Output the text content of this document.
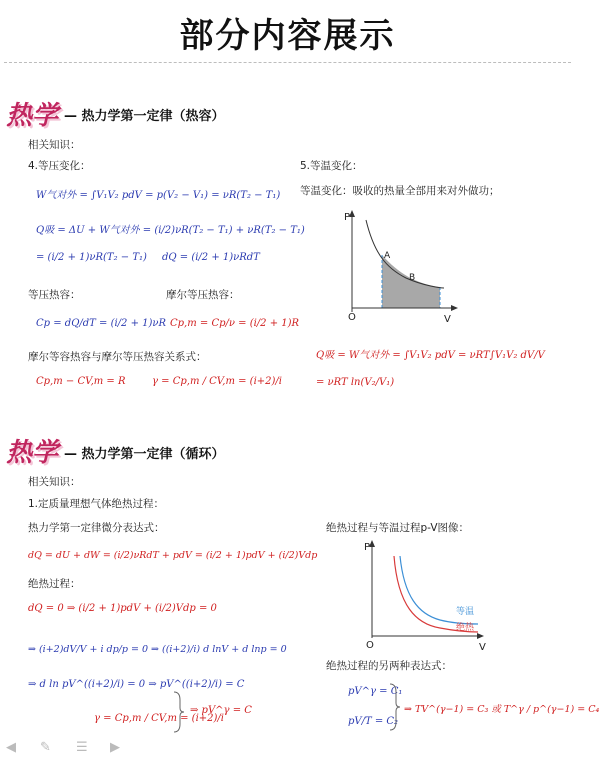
部分内容展示
热学 — 热力学第一定律（热容）
相关知识：
4.等压变化：	5.等温变化：
等温变化：吸收的热量全部用来对外做功；
W气对外 = ∫V₁V₂ pdV = p(V₂ − V₁) = νR(T₂ − T₁)
Q吸 = ΔU + W气对外 = (i/2)νR(T₂ − T₁) + νR(T₂ − T₁)
= (i/2 + 1)νR(T₂ − T₁) dQ = (i/2 + 1)νRdT
等压热容：	摩尔等压热容：
Cp = dQ/dT = (i/2 + 1)νR Cp,m = Cp/ν = (i/2 + 1)R
摩尔等容热容与摩尔等压热容关系式：
Cp,m − CV,m = R	γ = Cp,m / CV,m = (i+2)/i
P
V
O
A
B
Q吸 = W气对外 = ∫V₁V₂ pdV = νRT∫V₁V₂ dV/V
= νRT ln(V₂/V₁)
热学 — 热力学第一定律（循环）
相关知识：
1.定质量理想气体绝热过程：
热力学第一定律微分表达式：	绝热过程与等温过程p-V图像：
dQ = dU + dW = (i/2)νRdT + pdV = (i/2 + 1)pdV + (i/2)Vdp
绝热过程：
dQ = 0 ⇒ (i/2 + 1)pdV + (i/2)Vdp = 0
⇒ (i+2)dV/V + i dp/p = 0 ⇒ ((i+2)/i) d lnV + d lnp = 0
⇒ d ln pV^((i+2)/i) = 0 ⇒ pV^((i+2)/i) = C
γ = Cp,m / CV,m = (i+2)/i
⇒ pV^γ = C
P
V
O
等温
绝热
绝热过程的另两种表达式：
pV^γ = C₁
pV/T = C₂
⇒ TV^(γ−1) = C₃ 或 T^γ / p^(γ−1) = C₄
◀ ✎ ☰ ▶
